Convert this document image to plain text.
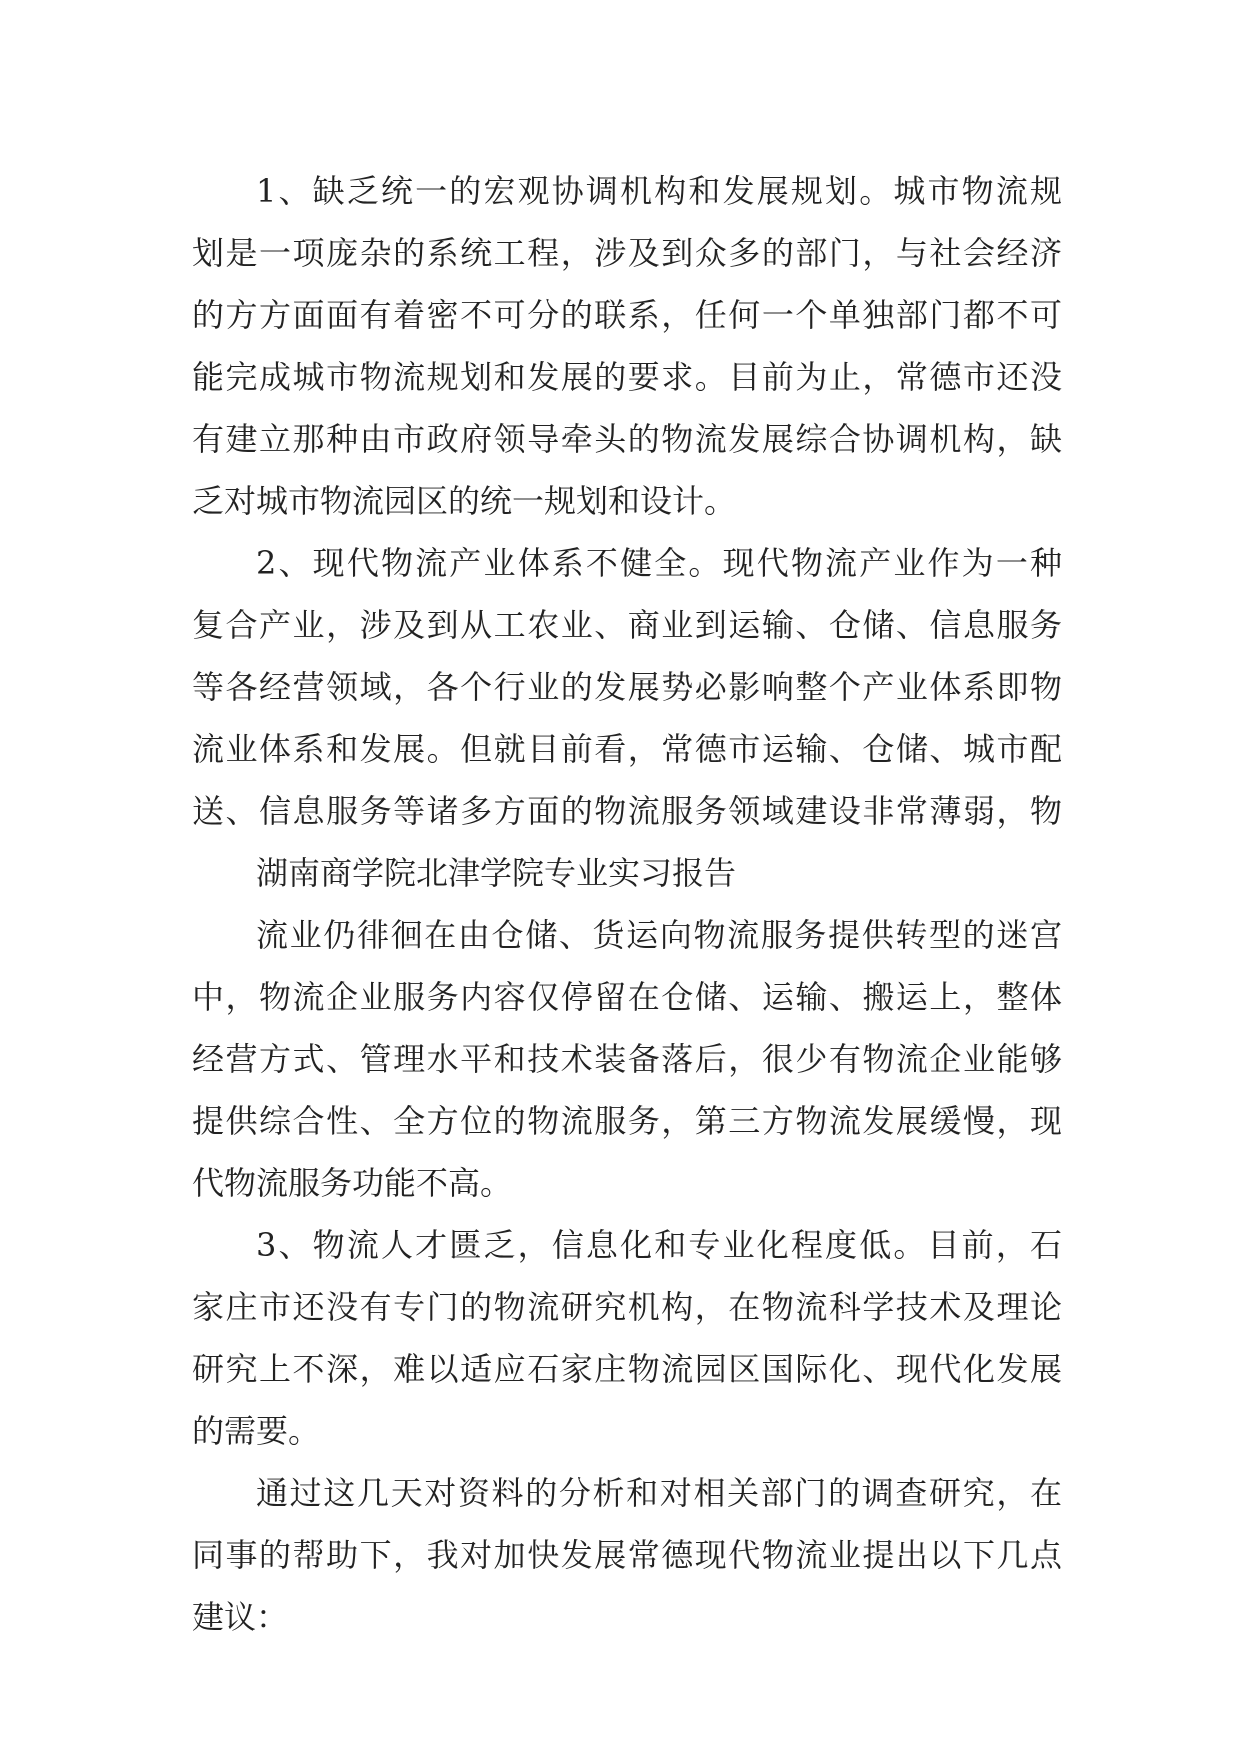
1、缺乏统一的宏观协调机构和发展规划。城市物流规
划是一项庞杂的系统工程，涉及到众多的部门，与社会经济
的方方面面有着密不可分的联系，任何一个单独部门都不可
能完成城市物流规划和发展的要求。目前为止，常德市还没
有建立那种由市政府领导牵头的物流发展综合协调机构，缺
乏对城市物流园区的统一规划和设计。
2、现代物流产业体系不健全。现代物流产业作为一种
复合产业，涉及到从工农业、商业到运输、仓储、信息服务
等各经营领域，各个行业的发展势必影响整个产业体系即物
流业体系和发展。但就目前看，常德市运输、仓储、城市配
送、信息服务等诸多方面的物流服务领域建设非常薄弱，物
湖南商学院北津学院专业实习报告
流业仍徘徊在由仓储、货运向物流服务提供转型的迷宫
中，物流企业服务内容仅停留在仓储、运输、搬运上，整体
经营方式、管理水平和技术装备落后，很少有物流企业能够
提供综合性、全方位的物流服务，第三方物流发展缓慢，现
代物流服务功能不高。
3、物流人才匮乏，信息化和专业化程度低。目前，石
家庄市还没有专门的物流研究机构，在物流科学技术及理论
研究上不深，难以适应石家庄物流园区国际化、现代化发展
的需要。
通过这几天对资料的分析和对相关部门的调查研究，在
同事的帮助下，我对加快发展常德现代物流业提出以下几点
建议：
